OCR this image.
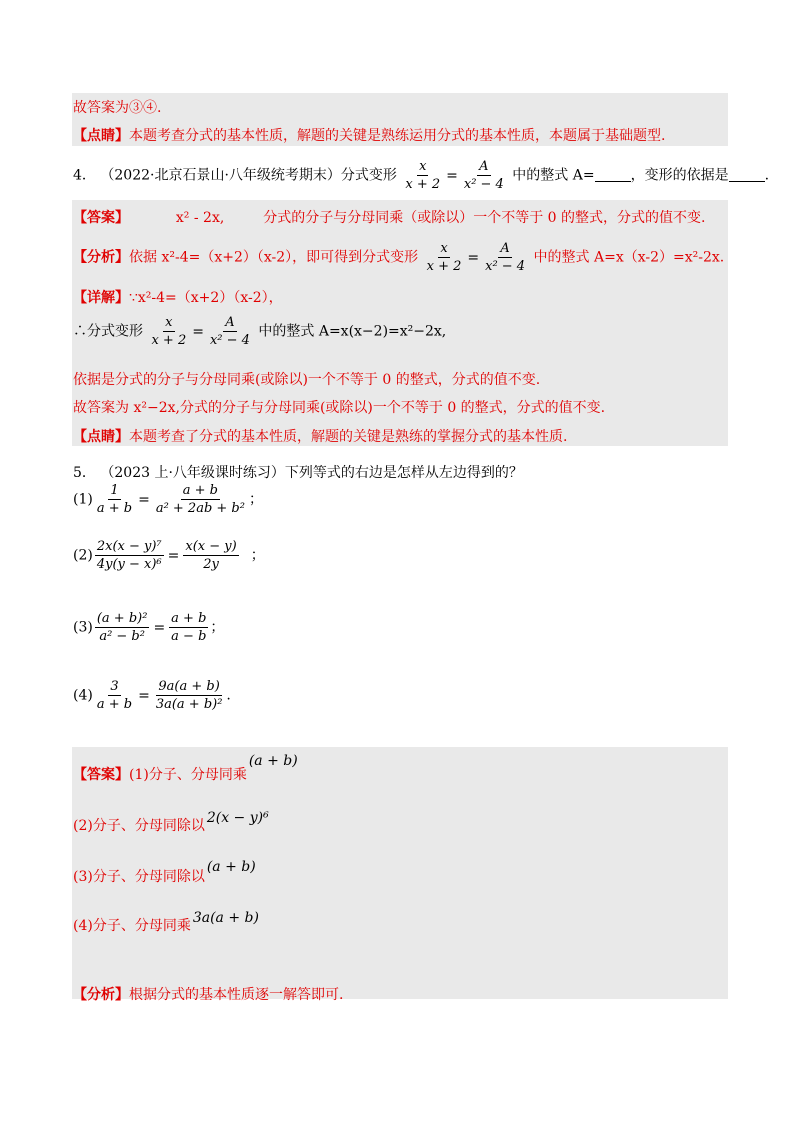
故答案为③④.
【点睛】本题考查分式的基本性质，解题的关键是熟练运用分式的基本性质，本题属于基础题型.
4． （2022·北京石景山·八年级统考期末）分式变形 $\frac{x}{x + 2} = \frac{A}{\text{x² − 4}}$ 中的整式 A=	，变形的依据是	.
【答案】	x² - 2x,	分式的分子与分母同乘（或除以）一个不等于 0 的整式，分式的值不变.
【分析】依据 x²-4=（x+2）（x-2），即可得到分式变形 $\frac{x}{x + 2} = \frac{A}{\text{x² − 4}}$ 中的整式 A=x（x-2）=x²-2x.
【详解】∵x²-4=（x+2）（x-2），
∴分式变形 $\frac{x}{x + 2} = \frac{A}{\text{x² − 4}}$ 中的整式 A=x(x−2)=x²−2x,
依据是分式的分子与分母同乘(或除以)一个不等于 0 的整式，分式的值不变.
故答案为 x²−2x,分式的分子与分母同乘(或除以)一个不等于 0 的整式，分式的值不变.
【点睛】本题考查了分式的基本性质，解题的关键是熟练的掌握分式的基本性质.
5． （2023 上·八年级课时练习）下列等式的右边是怎样从左边得到的？
$(1) \frac{1}{a + b} = \frac{a + b}{\text{a² + 2ab + b²}}$ ；
$(2) \frac{\text{2x(x − y)⁷}}{\text{4y(y − x)⁶}} = \frac{x(x - y)}{2y}$ ；
$(3) \frac{\text{(a + b)²}}{\text{a² − b²}} = \frac{a + b}{a - b}$ ；
$(4) \frac{3}{a + b} = \frac{9a(a + b)}{\text{3a(a + b)²}}$ .
【答案】(1)分子、分母同乘(a + b)
(2)分子、分母同除以 2(x − y)⁶
(3)分子、分母同除以(a + b)
(4)分子、分母同乘 3a(a + b)
【分析】根据分式的基本性质逐一解答即可.
